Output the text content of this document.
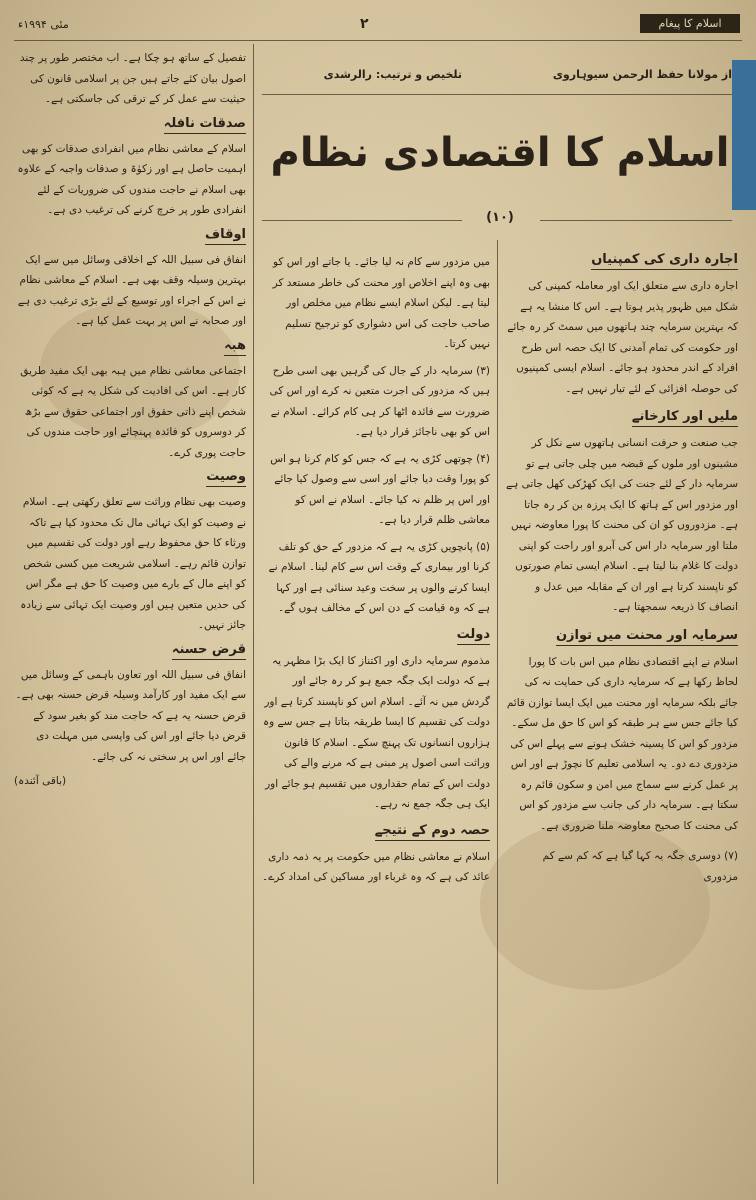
مئی ۱۹۹۴ء	۲	اسلام کا پیغام
از مولانا حفظ الرحمن سیوہاروی
تلخیص و ترتیب: رالرشدی
اسلام کا اقتصادی نظام
(۱۰)
اجارہ داری کی کمپنیاں
اجارہ داری سے متعلق ایک اور معاملہ کمپنی کی شکل میں ظہور پذیر ہوتا ہے۔ اس کا منشا یہ ہے کہ بہترین سرمایہ چند ہاتھوں میں سمٹ کر رہ جائے اور حکومت کی تمام آمدنی کا ایک حصہ اس طرح افراد کے اندر محدود ہو جائے۔ اسلام ایسی کمپنیوں کی حوصلہ افزائی کے لئے تیار نہیں ہے۔
ملیں اور کارخانے
جب صنعت و حرفت انسانی ہاتھوں سے نکل کر مشینوں اور ملوں کے قبضہ میں چلی جاتی ہے تو سرمایہ دار کے لئے جنت کی ایک کھڑکی کھل جاتی ہے اور مزدور اس کے ہاتھ کا ایک پرزہ بن کر رہ جاتا ہے۔ مزدوروں کو ان کی محنت کا پورا معاوضہ نہیں ملتا اور سرمایہ دار اس کی آبرو اور راحت کو اپنی دولت کا غلام بنا لیتا ہے۔ اسلام ایسی تمام صورتوں کو ناپسند کرتا ہے اور ان کے مقابلہ میں عدل و انصاف کا ذریعہ سمجھتا ہے۔
سرمایہ اور محنت میں توازن
اسلام نے اپنے اقتصادی نظام میں اس بات کا پورا لحاظ رکھا ہے کہ سرمایہ داری کی حمایت نہ کی جائے بلکہ سرمایہ اور محنت میں ایک ایسا توازن قائم کیا جائے جس سے ہر طبقہ کو اس کا حق مل سکے۔ مزدور کو اس کا پسینہ خشک ہونے سے پہلے اس کی مزدوری دے دو۔ یہ اسلامی تعلیم کا نچوڑ ہے اور اس پر عمل کرنے سے سماج میں امن و سکون قائم رہ سکتا ہے۔ سرمایہ دار کی جانب سے مزدور کو اس کی محنت کا صحیح معاوضہ ملنا ضروری ہے۔
(۷) دوسری جگہ یہ کہا گیا ہے کہ کم سے کم مزدوری
میں مزدور سے کام نہ لیا جائے۔ یا جاتے اور اس کو بھی وہ اپنے اخلاص اور محنت کی خاطر مستعد کر لیتا ہے۔ لیکن اسلام ایسے نظام میں مخلص اور صاحب حاجت کی اس دشواری کو ترجیح تسلیم نہیں کرتا۔
(۳) سرمایہ دار کے جال کی گرہیں بھی اسی طرح ہیں کہ مزدور کی اجرت متعین نہ کرے اور اس کی ضرورت سے فائدہ اٹھا کر ہی کام کرائے۔ اسلام نے اس کو بھی ناجائز قرار دیا ہے۔
(۴) چوتھی کڑی یہ ہے کہ جس کو کام کرنا ہو اس کو پورا وقت دیا جائے اور اسی سے وصول کیا جائے اور اس پر ظلم نہ کیا جائے۔ اسلام نے اس کو معاشی ظلم قرار دیا ہے۔
(۵) پانچویں کڑی یہ ہے کہ مزدور کے حق کو تلف کرنا اور بیماری کے وقت اس سے کام لینا۔ اسلام نے ایسا کرنے والوں پر سخت وعید سنائی ہے اور کہا ہے کہ وہ قیامت کے دن اس کے مخالف ہوں گے۔
دولت
مذموم سرمایہ داری اور اکتناز کا ایک بڑا مظہر یہ ہے کہ دولت ایک جگہ جمع ہو کر رہ جائے اور گردش میں نہ آئے۔ اسلام اس کو ناپسند کرتا ہے اور دولت کی تقسیم کا ایسا طریقہ بتاتا ہے جس سے وہ ہزاروں انسانوں تک پہنچ سکے۔ اسلام کا قانون وراثت اسی اصول پر مبنی ہے کہ مرنے والے کی دولت اس کے تمام حقداروں میں تقسیم ہو جائے اور ایک ہی جگہ جمع نہ رہے۔
حصہ دوم کے نتیجے
اسلام نے معاشی نظام میں حکومت پر یہ ذمہ داری عائد کی ہے کہ وہ غرباء اور مساکین کی امداد کرے۔
تفصیل کے ساتھ ہو چکا ہے۔ اب مختصر طور پر چند اصول بیان کئے جاتے ہیں جن پر اسلامی قانون کی حیثیت سے عمل کر کے ترقی کی جاسکتی ہے۔
صدقات نافلہ
اسلام کے معاشی نظام میں انفرادی صدقات کو بھی اہمیت حاصل ہے اور زکوٰۃ و صدقات واجبہ کے علاوہ بھی اسلام نے حاجت مندوں کی ضروریات کے لئے انفرادی طور پر خرچ کرنے کی ترغیب دی ہے۔
اوقاف
انفاق فی سبیل اللہ کے اخلاقی وسائل میں سے ایک بہترین وسیلہ وقف بھی ہے۔ اسلام کے معاشی نظام نے اس کے اجراء اور توسیع کے لئے بڑی ترغیب دی ہے اور صحابہ نے اس پر بہت عمل کیا ہے۔
ھبہ
اجتماعی معاشی نظام میں ہبہ بھی ایک مفید طریق کار ہے۔ اس کی افادیت کی شکل یہ ہے کہ کوئی شخص اپنے ذاتی حقوق اور اجتماعی حقوق سے بڑھ کر دوسروں کو فائدہ پہنچائے اور حاجت مندوں کی حاجت پوری کرے۔
وصیت
وصیت بھی نظام وراثت سے تعلق رکھتی ہے۔ اسلام نے وصیت کو ایک تہائی مال تک محدود کیا ہے تاکہ ورثاء کا حق محفوظ رہے اور دولت کی تقسیم میں توازن قائم رہے۔ اسلامی شریعت میں کسی شخص کو اپنے مال کے بارے میں وصیت کا حق ہے مگر اس کی حدیں متعین ہیں اور وصیت ایک تہائی سے زیادہ جائز نہیں۔
قرض حسنہ
انفاق فی سبیل اللہ اور تعاون باہمی کے وسائل میں سے ایک مفید اور کارآمد وسیلہ قرض حسنہ بھی ہے۔ قرض حسنہ یہ ہے کہ حاجت مند کو بغیر سود کے قرض دیا جائے اور اس کی واپسی میں مہلت دی جائے اور اس پر سختی نہ کی جائے۔
(باقی آئندہ)
